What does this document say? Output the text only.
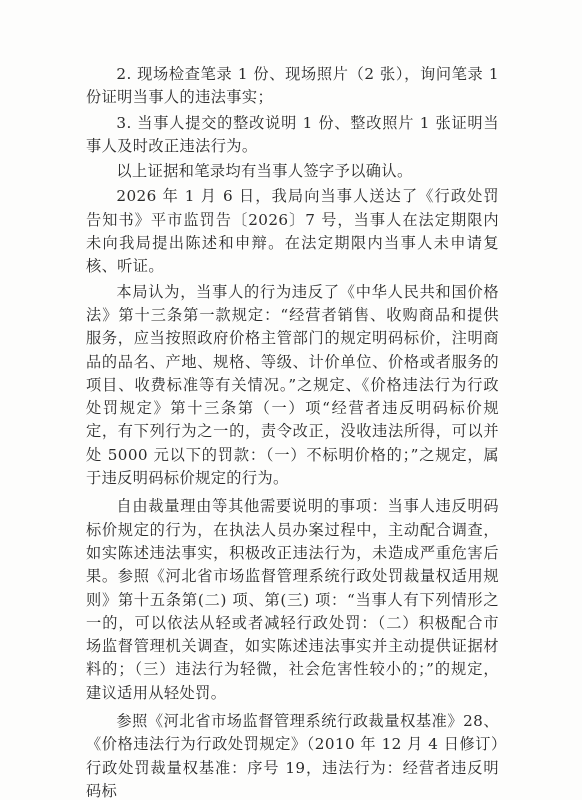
2. 现场检查笔录 1 份、现场照片（2 张），询问笔录 1 份证明当事人的违法事实；

3. 当事人提交的整改说明 1 份、整改照片 1 张证明当事人及时改正违法行为。

以上证据和笔录均有当事人签字予以确认。

2026 年 1 月 6 日，我局向当事人送达了《行政处罚告知书》平市监罚告〔2026〕7 号，当事人在法定期限内未向我局提出陈述和申辩。在法定期限内当事人未申请复核、听证。

本局认为，当事人的行为违反了《中华人民共和国价格法》第十三条第一款规定：“经营者销售、收购商品和提供服务，应当按照政府价格主管部门的规定明码标价，注明商品的品名、产地、规格、等级、计价单位、价格或者服务的项目、收费标准等有关情况。”之规定、《价格违法行为行政处罚规定》第十三条第（一）项“经营者违反明码标价规定，有下列行为之一的，责令改正，没收违法所得，可以并处 5000 元以下的罚款：（一）不标明价格的；”之规定，属于违反明码标价规定的行为。

自由裁量理由等其他需要说明的事项：当事人违反明码标价规定的行为，在执法人员办案过程中，主动配合调查，如实陈述违法事实，积极改正违法行为，未造成严重危害后果。参照《河北省市场监督管理系统行政处罚裁量权适用规则》第十五条第(二) 项、第(三) 项：“当事人有下列情形之一的，可以依法从轻或者减轻行政处罚：（二）积极配合市场监督管理机关调查，如实陈述违法事实并主动提供证据材料的；（三）违法行为轻微，社会危害性较小的；”的规定，建议适用从轻处罚。

参照《河北省市场监督管理系统行政裁量权基准》28、《价格违法行为行政处罚规定》（2010 年 12 月 4 日修订）行政处罚裁量权基准：序号 19，违法行为：经营者违反明码标
